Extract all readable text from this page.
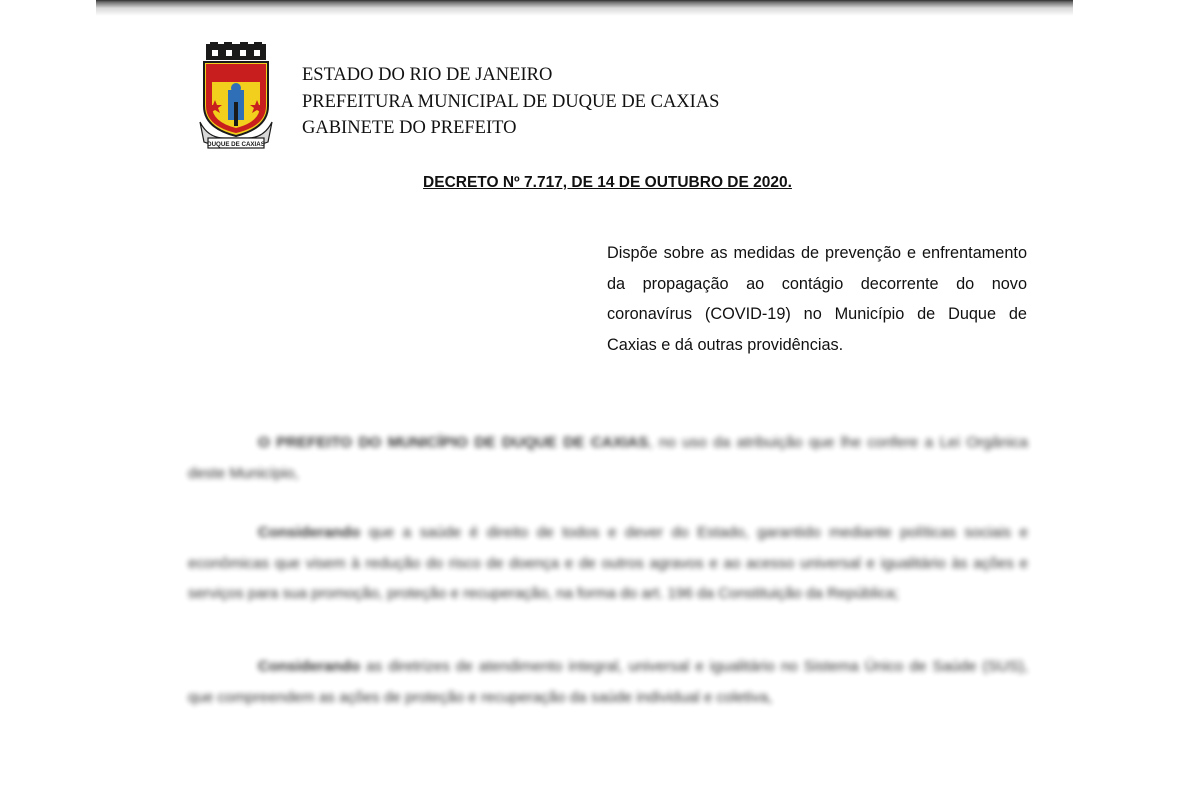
DUQUE DE CAXIAS
ESTADO DO RIO DE JANEIRO
PREFEITURA MUNICIPAL DE DUQUE DE CAXIAS
GABINETE DO PREFEITO
DECRETO Nº 7.717, DE 14 DE OUTUBRO DE 2020.
Dispõe sobre as medidas de prevenção e enfrentamento da propagação ao contágio decorrente do novo coronavírus (COVID-19) no Município de Duque de Caxias e dá outras providências.
O PREFEITO DO MUNICÍPIO DE DUQUE DE CAXIAS, no uso da atribuição que lhe confere a Lei Orgânica deste Município,
Considerando que a saúde é direito de todos e dever do Estado, garantido mediante políticas sociais e econômicas que visem à redução do risco de doença e de outros agravos e ao acesso universal e igualitário às ações e serviços para sua promoção, proteção e recuperação, na forma do art. 196 da Constituição da República;
Considerando as diretrizes de atendimento integral, universal e igualitário no Sistema Único de Saúde (SUS), que compreendem as ações de proteção e recuperação da saúde individual e coletiva,
